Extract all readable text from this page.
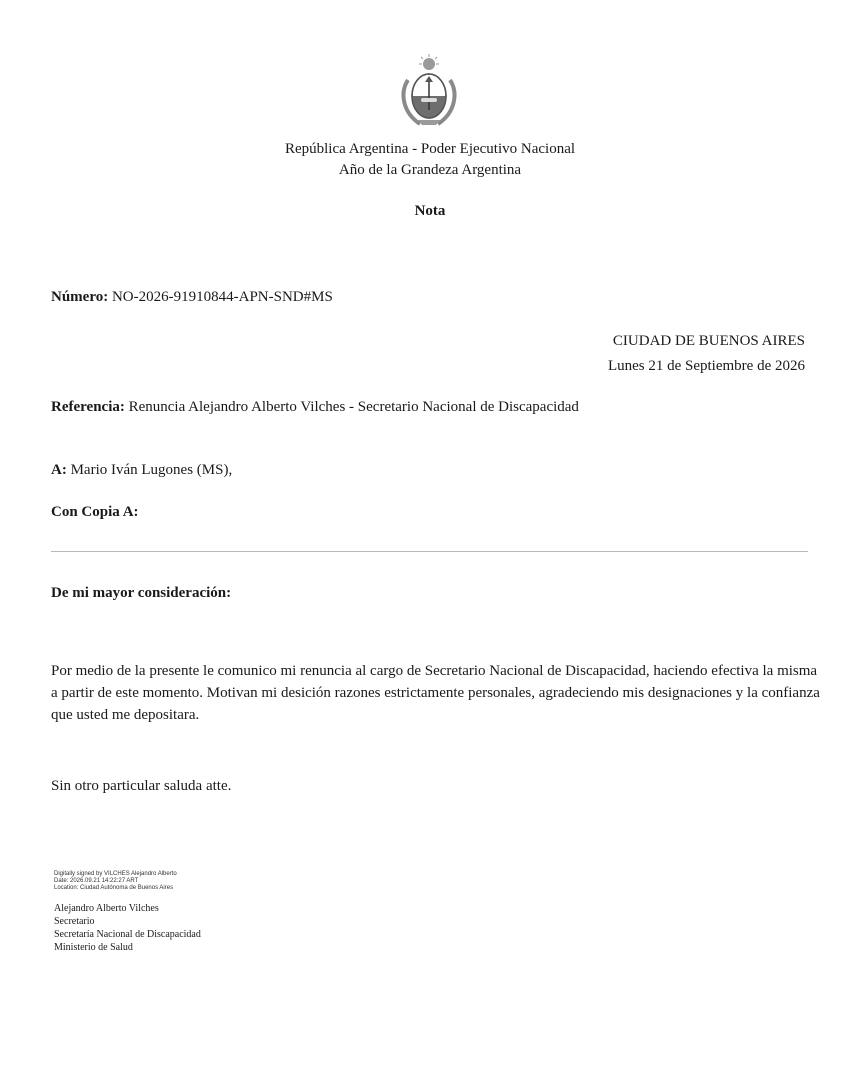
República Argentina - Poder Ejecutivo Nacional
Año de la Grandeza Argentina
Nota
Número: NO-2026-91910844-APN-SND#MS
CIUDAD DE BUENOS AIRES
Lunes 21 de Septiembre de 2026
Referencia: Renuncia Alejandro Alberto Vilches - Secretario Nacional de Discapacidad
A: Mario Iván Lugones (MS),
Con Copia A:
De mi mayor consideración:
Por medio de la presente le comunico mi renuncia al cargo de Secretario Nacional de Discapacidad, haciendo efectiva la misma a partir de este momento. Motivan mi desición razones estrictamente personales, agradeciendo mis designaciones y la confianza que usted me depositara.
Sin otro particular saluda atte.
Digitally signed by VILCHES Alejandro Alberto
Date: 2026.09.21 14:22:27 ART
Location: Ciudad Autónoma de Buenos Aires
Alejandro Alberto Vilches
Secretario
Secretaría Nacional de Discapacidad
Ministerio de Salud
